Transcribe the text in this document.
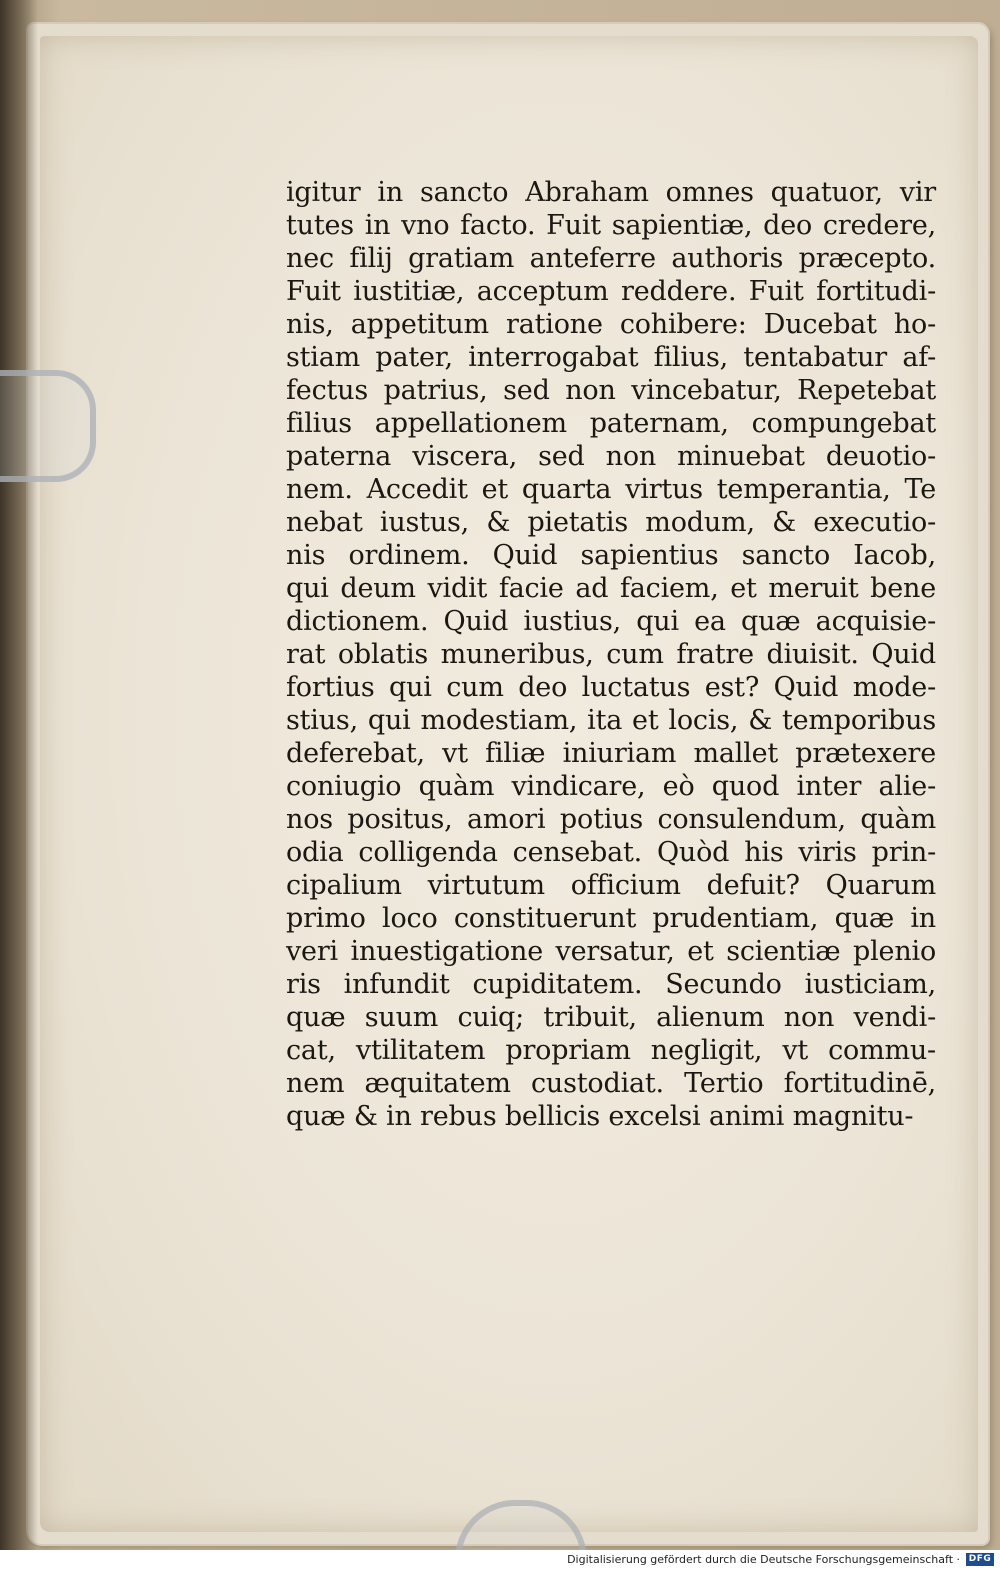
igitur in sancto Abraham omnes quatuor, vir
tutes in vno facto. Fuit sapientiæ, deo credere,
nec filij gratiam anteferre authoris præcepto.
Fuit iustitiæ, acceptum reddere. Fuit fortitudi-
nis, appetitum ratione cohibere: Ducebat ho-
stiam pater, interrogabat filius, tentabatur af-
fectus patrius, sed non vincebatur, Repetebat
filius appellationem paternam, compungebat
paterna viscera, sed non minuebat deuotio-
nem. Accedit et quarta virtus temperantia, Te
nebat iustus, & pietatis modum, & executio-
nis ordinem. Quid sapientius sancto Iacob,
qui deum vidit facie ad faciem, et meruit bene
dictionem. Quid iustius, qui ea quæ acquisie-
rat oblatis muneribus, cum fratre diuisit. Quid
fortius qui cum deo luctatus est? Quid mode-
stius, qui modestiam, ita et locis, & temporibus
deferebat, vt filiæ iniuriam mallet prætexere
coniugio quàm vindicare, eò quod inter alie-
nos positus, amori potius consulendum, quàm
odia colligenda censebat. Quòd his viris prin-
cipalium virtutum officium defuit? Quarum
primo loco constituerunt prudentiam, quæ in
veri inuestigatione versatur, et scientiæ plenio
ris infundit cupiditatem. Secundo iusticiam,
quæ suum cuiq; tribuit, alienum non vendi-
cat, vtilitatem propriam negligit, vt commu-
nem æquitatem custodiat. Tertio fortitudinē,
quæ & in rebus bellicis excelsi animi magnitu-
Digitalisierung gefördert durch die Deutsche Forschungsgemeinschaft · DFG
